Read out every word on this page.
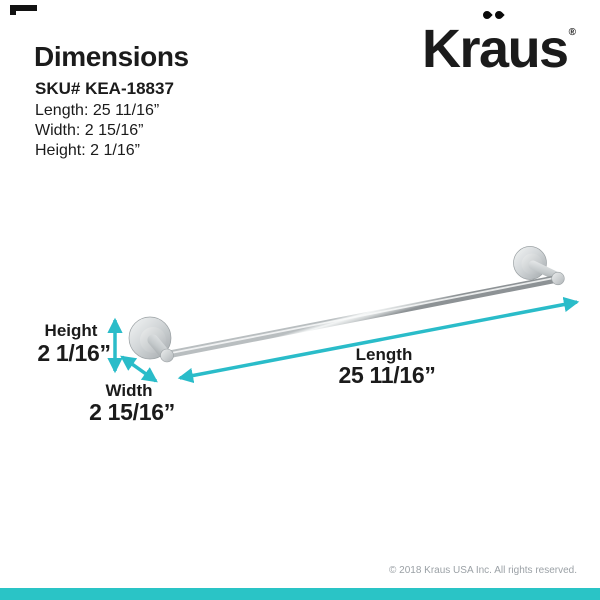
Dimensions
SKU# KEA-18837
Length: 25 11/16”
Width: 2 15/16”
Height: 2 1/16”
Kr
aus®
Height
2 1/16”
Width
2 15/16”
Length
25 11/16”
© 2018 Kraus USA Inc. All rights reserved.
